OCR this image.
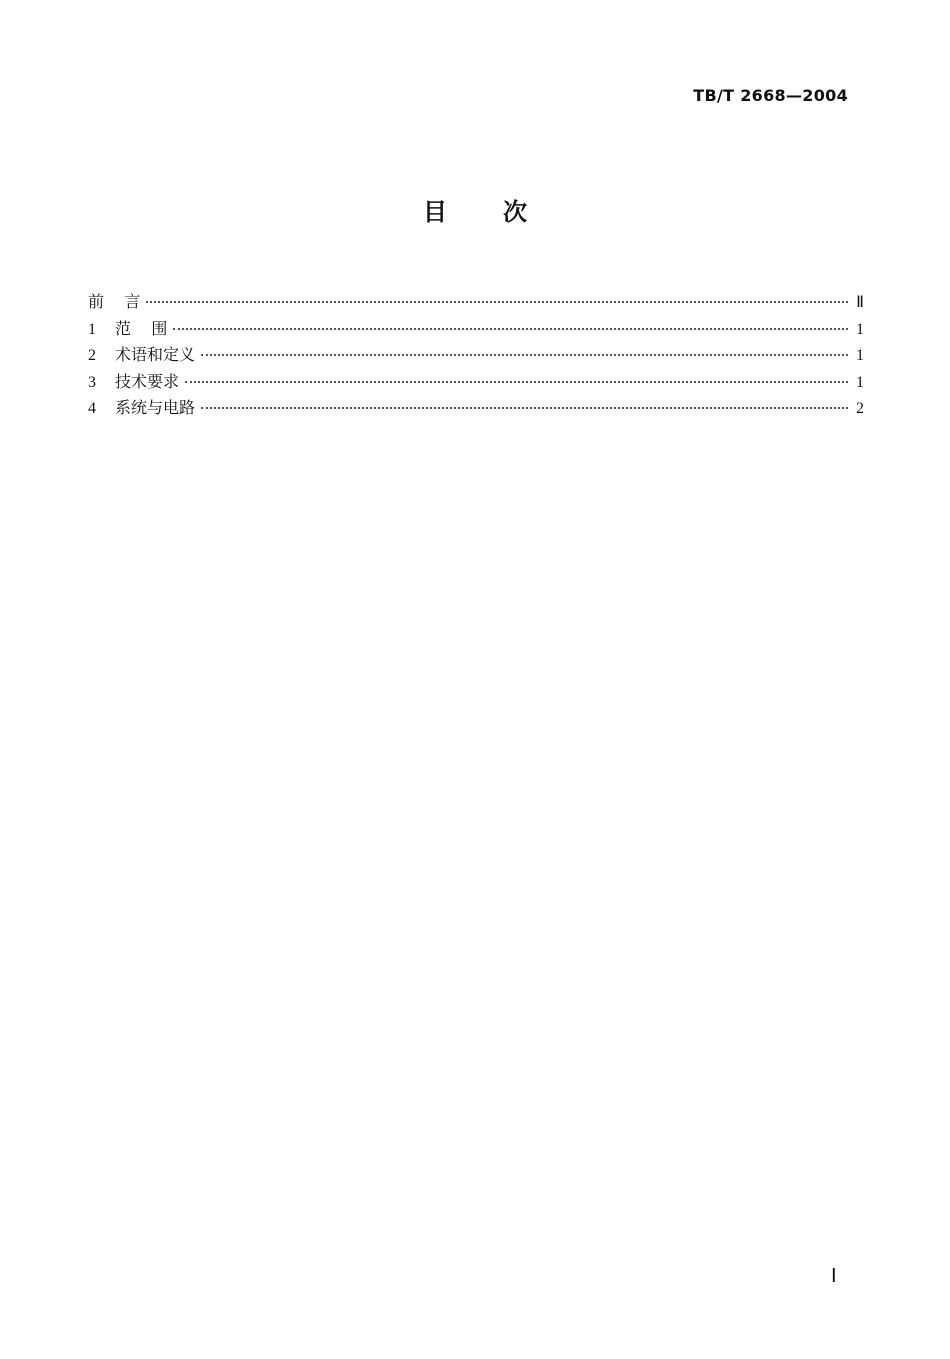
TB/T 2668—2004
目次
前    言	Ⅱ
1	范    围	1
2	术语和定义	1
3	技术要求	1
4	系统与电路	2
Ⅰ
